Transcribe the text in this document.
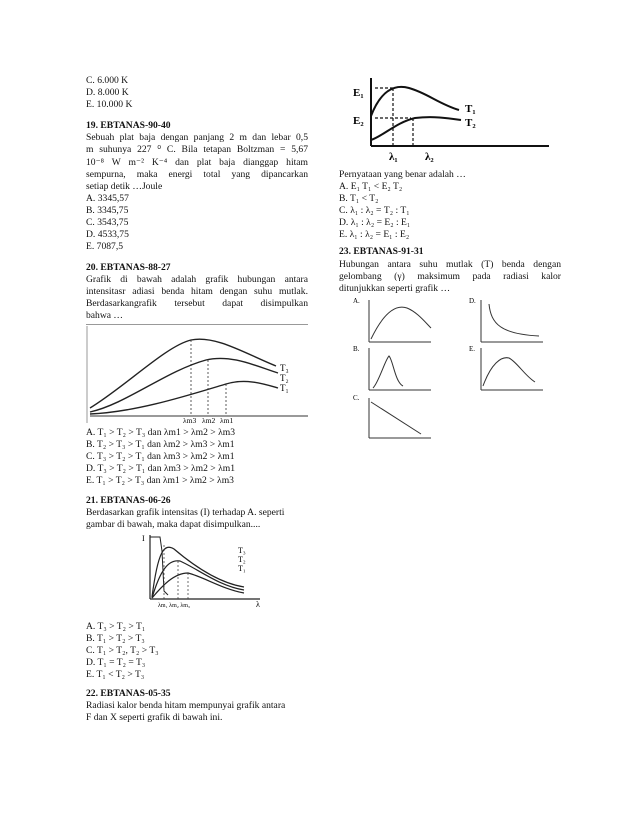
C. 6.000 K
D. 8.000 K
E. 10.000 K
19. EBTANAS-90-40
Sebuah plat baja dengan panjang 2 m dan lebar 0,5
m suhunya 227 ⁰ C. Bila tetapan Boltzman = 5,67
10⁻⁸ W m⁻² K⁻⁴ dan plat baja dianggap hitam
sempurna, maka energi total yang dipancarkan
setiap detik …Joule
A. 3345,57
B. 3345,75
C. 3543,75
D. 4533,75
E. 7087,5
20. EBTANAS-88-27
Grafik di bawah adalah grafik hubungan antara
intensitasr adiasi benda hitam dengan suhu mutlak.
Berdasarkangrafik tersebut dapat disimpulkan
bahwa …
T₃
T₂
T₁
λm3 λm2 λm1
A. T₁ > T₂ > T₃ dan λm1 > λm2 > λm3
B. T₂ > T₃ > T₁ dan λm2 > λm3 > λm1
C. T₃ > T₂ > T₁ dan λm3 > λm2 > λm1
D. T₃ > T₂ > T₁ dan λm3 > λm2 > λm1
E. T₁ > T₂ > T₃ dan λm1 > λm2 > λm3
21. EBTANAS-06-26
Berdasarkan grafik intensitas (I) terhadap A. seperti
gambar di bawah, maka dapat disimpulkan....
I
λ
T₃
T₂
T₁
λm₁ λm₂ λm₃
A. T₃ > T₂ > T₁
B. T₁ > T₂ > T₃
C. T₁ > T₂, T₂ > T₃
D. T₁ = T₂ = T₃
E. T₁ < T₂ > T₃
22. EBTANAS-05-35
Radiasi kalor benda hitam mempunyai grafik antara
F dan X seperti grafik di bawah ini.
E₁
E₂
T₁
T₂
λ₁ λ₂
Pernyataan yang benar adalah …
A. E₁ T₁ < E₂ T₂
B. T₁ < T₂
C. λ₁ : λ₂ = T₂ : T₁
D. λ₁ : λ₂ = E₂ : E₁
E. λ₁ : λ₂ = E₁ : E₂
23. EBTANAS-91-31
Hubungan antara suhu mutlak (T) benda dengan
gelombang (γ) maksimum pada radiasi kalor
ditunjukkan seperti grafik …
A.	D.
B.	E.
C.
